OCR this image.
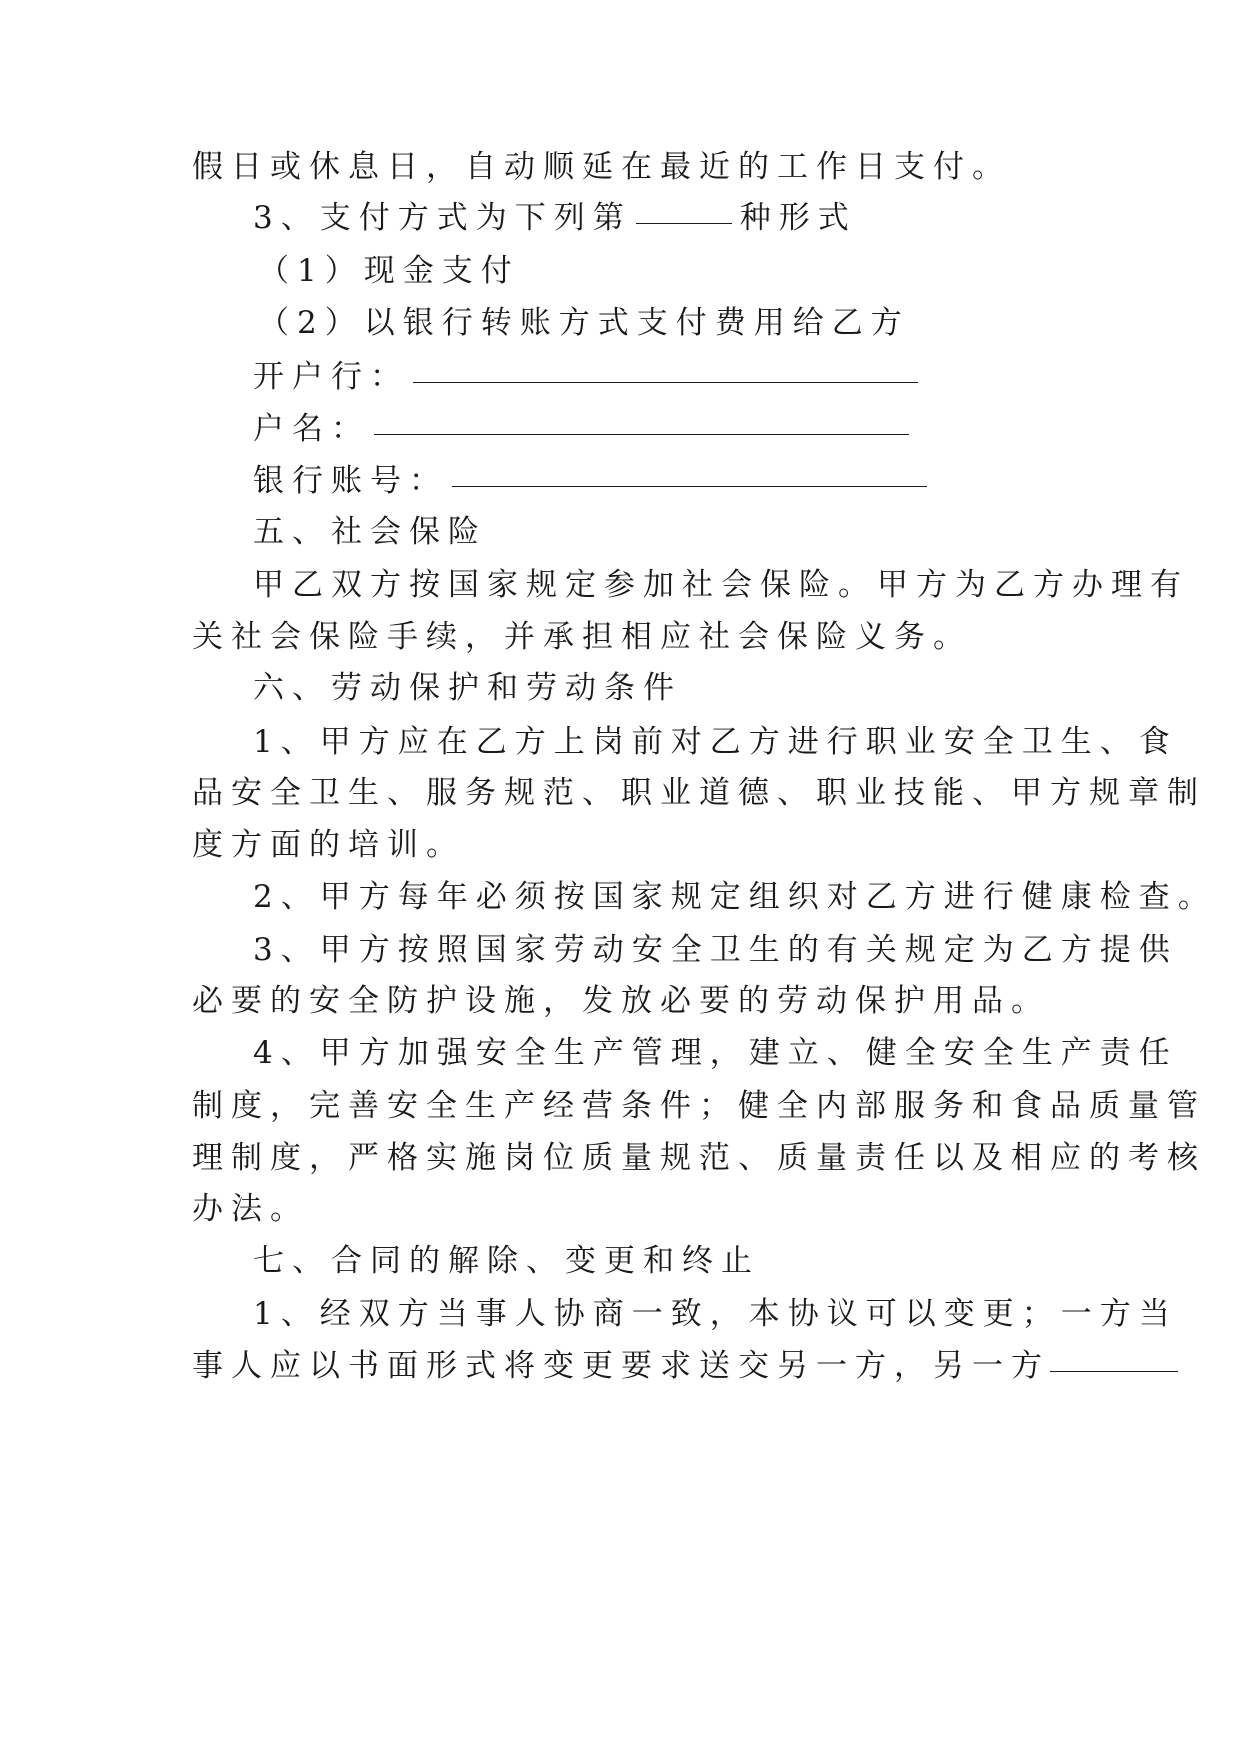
假日或休息日，自动顺延在最近的工作日支付。
3、支付方式为下列第	种形式
（1）现金支付
（2）以银行转账方式支付费用给乙方
开户行：
户名：
银行账号：
五、社会保险
甲乙双方按国家规定参加社会保险。甲方为乙方办理有
关社会保险手续，并承担相应社会保险义务。
六、劳动保护和劳动条件
1、甲方应在乙方上岗前对乙方进行职业安全卫生、食
品安全卫生、服务规范、职业道德、职业技能、甲方规章制
度方面的培训。
2、甲方每年必须按国家规定组织对乙方进行健康检查。
3、甲方按照国家劳动安全卫生的有关规定为乙方提供
必要的安全防护设施，发放必要的劳动保护用品。
4、甲方加强安全生产管理，建立、健全安全生产责任
制度，完善安全生产经营条件；健全内部服务和食品质量管
理制度，严格实施岗位质量规范、质量责任以及相应的考核
办法。
七、合同的解除、变更和终止
1、经双方当事人协商一致，本协议可以变更；一方当
事人应以书面形式将变更要求送交另一方，另一方
